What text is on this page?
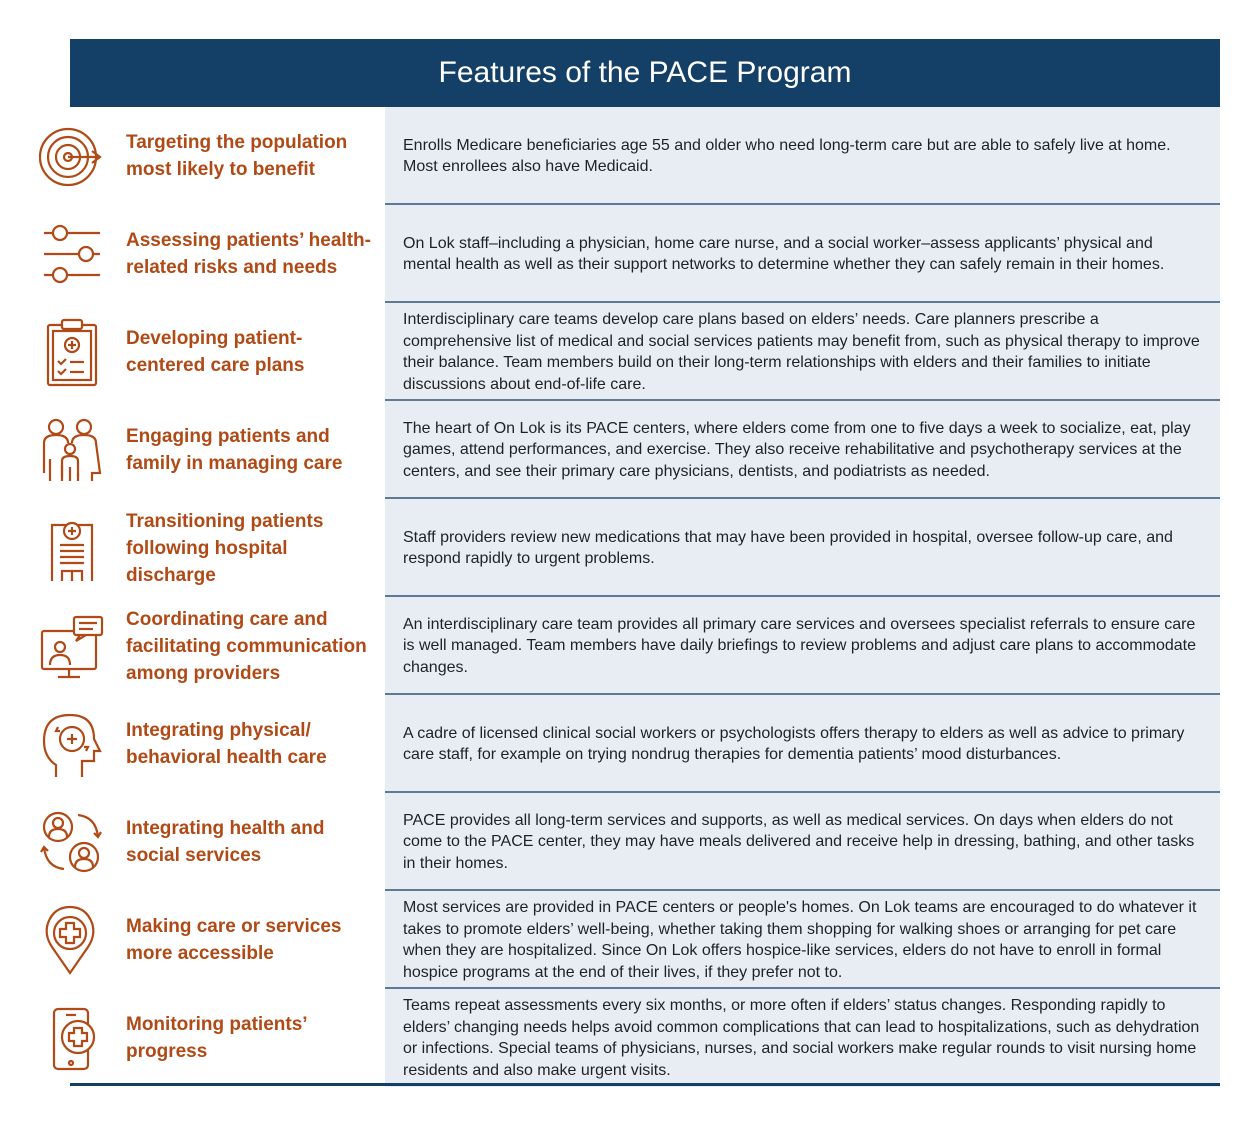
Features of the PACE Program
Targeting the population most likely to benefit
Enrolls Medicare beneficiaries age 55 and older who need long-term care but are able to safely live at home. Most enrollees also have Medicaid.
Assessing patients’ health-related risks and needs
On Lok staff–including a physician, home care nurse, and a social worker–assess applicants’ physical and mental health as well as their support networks to determine whether they can safely remain in their homes.
Developing patient-centered care plans
Interdisciplinary care teams develop care plans based on elders’ needs. Care planners prescribe a comprehensive list of medical and social services patients may benefit from, such as physical therapy to improve their balance. Team members build on their long-term relationships with elders and their families to initiate discussions about end-of-life care.
Engaging patients and family in managing care
The heart of On Lok is its PACE centers, where elders come from one to five days a week to socialize, eat, play games, attend performances, and exercise. They also receive rehabilitative and psychotherapy services at the centers, and see their primary care physicians, dentists, and podiatrists as needed.
Transitioning patients following hospital discharge
Staff providers review new medications that may have been provided in hospital, oversee follow-up care, and respond rapidly to urgent problems.
Coordinating care and facilitating communication among providers
An interdisciplinary care team provides all primary care services and oversees specialist referrals to ensure care is well managed. Team members have daily briefings to review problems and adjust care plans to accommodate changes.
Integrating physical/ behavioral health care
A cadre of licensed clinical social workers or psychologists offers therapy to elders as well as advice to primary care staff, for example on trying nondrug therapies for dementia patients’ mood disturbances.
Integrating health and social services
PACE provides all long-term services and supports, as well as medical services. On days when elders do not come to the PACE center, they may have meals delivered and receive help in dressing, bathing, and other tasks in their homes.
Making care or services more accessible
Most services are provided in PACE centers or people's homes. On Lok teams are encouraged to do whatever it takes to promote elders’ well-being, whether taking them shopping for walking shoes or arranging for pet care when they are hospitalized. Since On Lok offers hospice-like services, elders do not have to enroll in formal hospice programs at the end of their lives, if they prefer not to.
Monitoring patients’ progress
Teams repeat assessments every six months, or more often if elders’ status changes. Responding rapidly to elders’ changing needs helps avoid common complications that can lead to hospitalizations, such as dehydration or infections. Special teams of physicians, nurses, and social workers make regular rounds to visit nursing home residents and also make urgent visits.
